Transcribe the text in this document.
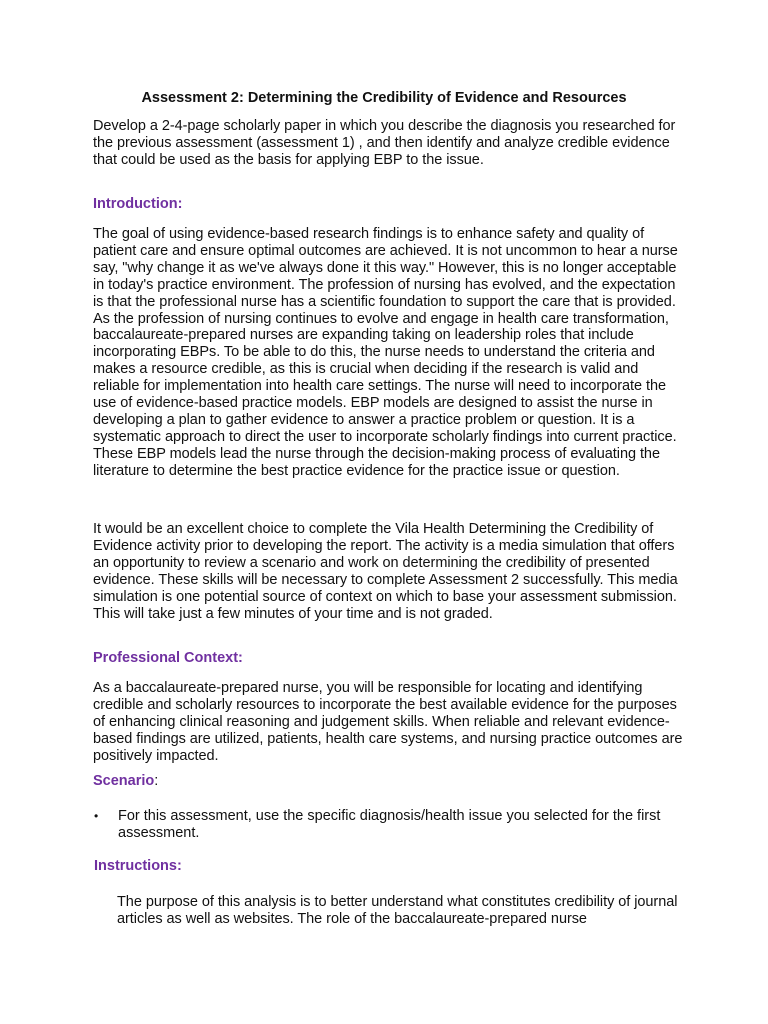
Assessment 2: Determining the Credibility of Evidence and Resources

Develop a 2-4-page scholarly paper in which you describe the diagnosis you researched for the previous assessment (assessment 1) , and then identify and analyze credible evidence that could be used as the basis for applying EBP to the issue.

Introduction:

The goal of using evidence-based research findings is to enhance safety and quality of patient care and ensure optimal outcomes are achieved. It is not uncommon to hear a nurse say, "why change it as we've always done it this way." However, this is no longer acceptable in today's practice environment. The profession of nursing has evolved, and the expectation is that the professional nurse has a scientific foundation to support the care that is provided. As the profession of nursing continues to evolve and engage in health care transformation, baccalaureate-prepared nurses are expanding taking on leadership roles that include incorporating EBPs. To be able to do this, the nurse needs to understand the criteria and makes a resource credible, as this is crucial when deciding if the research is valid and reliable for implementation into health care settings. The nurse will need to incorporate the use of evidence-based practice models. EBP models are designed to assist the nurse in developing a plan to gather evidence to answer a practice problem or question. It is a systematic approach to direct the user to incorporate scholarly findings into current practice. These EBP models lead the nurse through the decision-making process of evaluating the literature to determine the best practice evidence for the practice issue or question.

It would be an excellent choice to complete the Vila Health Determining the Credibility of Evidence activity prior to developing the report. The activity is a media simulation that offers an opportunity to review a scenario and work on determining the credibility of presented evidence. These skills will be necessary to complete Assessment 2 successfully. This media simulation is one potential source of context on which to base your assessment submission. This will take just a few minutes of your time and is not graded.

Professional Context:

As a baccalaureate-prepared nurse, you will be responsible for locating and identifying credible and scholarly resources to incorporate the best available evidence for the purposes of enhancing clinical reasoning and judgement skills. When reliable and relevant evidence-based findings are utilized, patients, health care systems, and nursing practice outcomes are positively impacted.

Scenario:
•	For this assessment, use the specific diagnosis/health issue you selected for the first assessment.
Instructions:

The purpose of this analysis is to better understand what constitutes credibility of journal articles as well as websites. The role of the baccalaureate-prepared nurse
